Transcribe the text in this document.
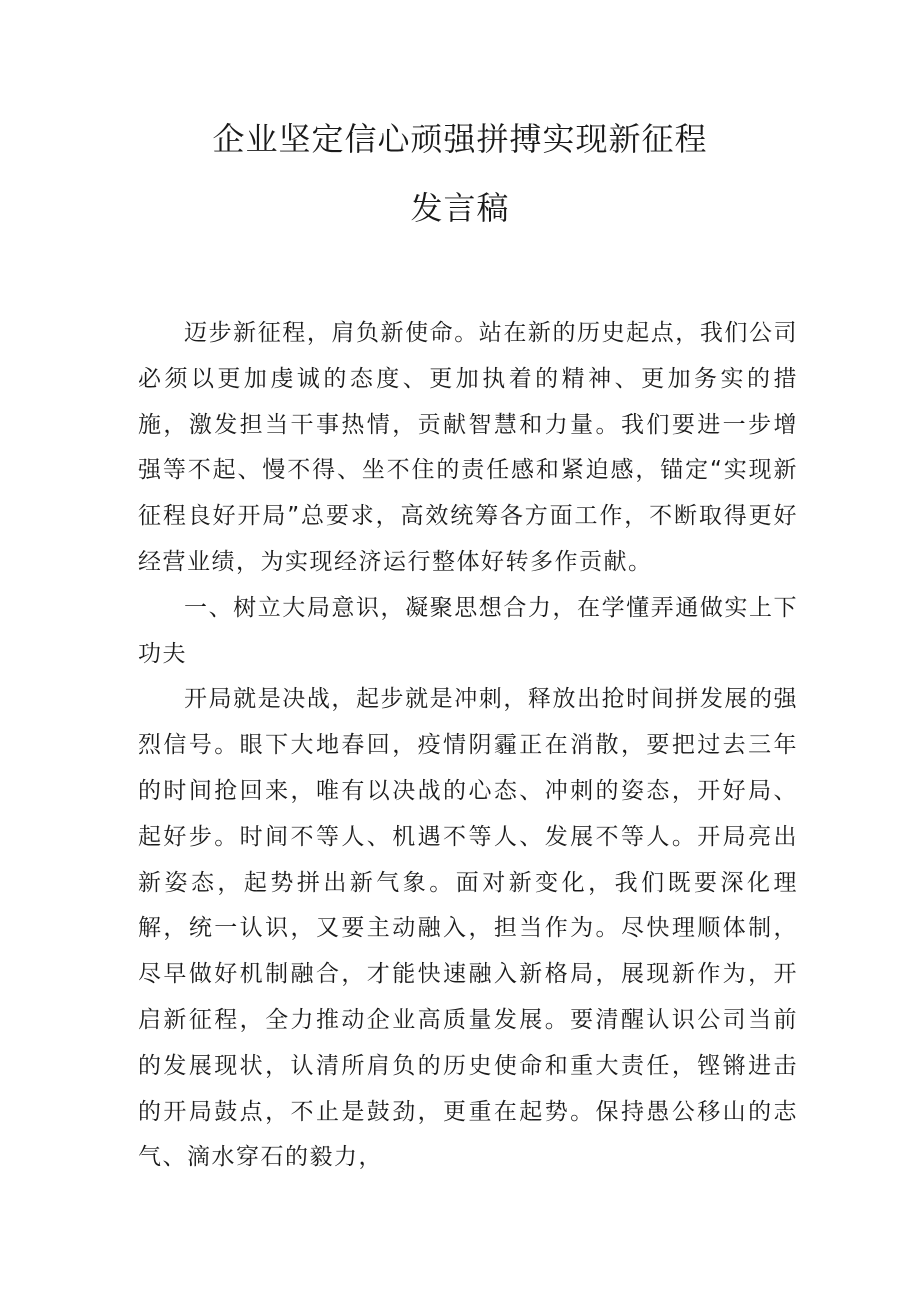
企业坚定信心顽强拼搏实现新征程
发言稿

迈步新征程，肩负新使命。站在新的历史起点，我们公司必须以更加虔诚的态度、更加执着的精神、更加务实的措施，激发担当干事热情，贡献智慧和力量。我们要进一步增强等不起、慢不得、坐不住的责任感和紧迫感，锚定“实现新征程良好开局”总要求，高效统筹各方面工作，不断取得更好经营业绩，为实现经济运行整体好转多作贡献。

一、树立大局意识，凝聚思想合力，在学懂弄通做实上下功夫

开局就是决战，起步就是冲刺，释放出抢时间拼发展的强烈信号。眼下大地春回，疫情阴霾正在消散，要把过去三年的时间抢回来，唯有以决战的心态、冲刺的姿态，开好局、起好步。时间不等人、机遇不等人、发展不等人。开局亮出新姿态，起势拼出新气象。面对新变化，我们既要深化理解，统一认识，又要主动融入，担当作为。尽快理顺体制，尽早做好机制融合，才能快速融入新格局，展现新作为，开启新征程，全力推动企业高质量发展。要清醒认识公司当前的发展现状，认清所肩负的历史使命和重大责任，铿锵进击的开局鼓点，不止是鼓劲，更重在起势。保持愚公移山的志气、滴水穿石的毅力，
